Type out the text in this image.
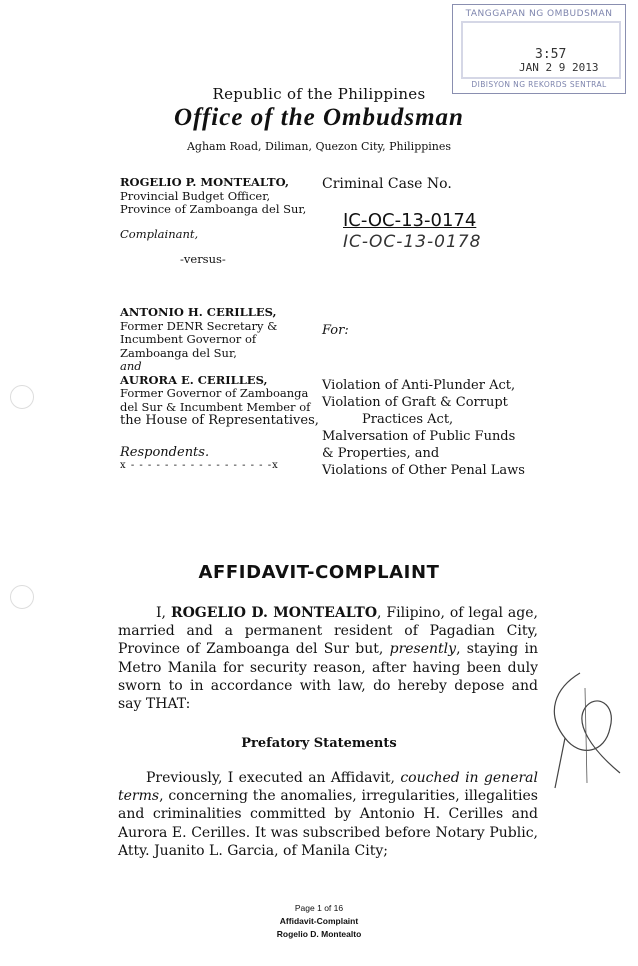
TANGGAPAN NG OMBUDSMAN
3:57
JAN 2 9 2013
DIBISYON NG REKORDS SENTRAL
Republic of the Philippines
Office of the Ombudsman
Agham Road, Diliman, Quezon City, Philippines
ROGELIO P. MONTEALTO,
Provincial Budget Officer,
Province of Zamboanga del Sur,
Complainant,
-versus-
Criminal Case No.
IC-OC-13-0174
IC-OC-13-0178
ANTONIO H. CERILLES,
Former DENR Secretary &
Incumbent Governor of
Zamboanga del Sur,
and
AURORA E. CERILLES,
Former Governor of Zamboanga
del Sur & Incumbent Member of
the House of Representatives,
Respondents.
x - - - - - - - - - - - - - - - - -x
For:
Violation of Anti-Plunder Act,
Violation of Graft & Corrupt
Practices Act,
Malversation of Public Funds
& Properties, and
Violations of Other Penal Laws
AFFIDAVIT-COMPLAINT
I, ROGELIO D. MONTEALTO, Filipino, of legal age, married and a permanent resident of Pagadian City, Province of Zamboanga del Sur but, presently, staying in Metro Manila for security reason, after having been duly sworn to in accordance with law, do hereby depose and say THAT:
Prefatory Statements
Previously, I executed an Affidavit, couched in general terms, concerning the anomalies, irregularities, illegalities and criminalities committed by Antonio H. Cerilles and Aurora E. Cerilles. It was subscribed before Notary Public, Atty. Juanito L. Garcia, of Manila City;
Page 1 of 16
Affidavit-Complaint
Rogelio D. Montealto
